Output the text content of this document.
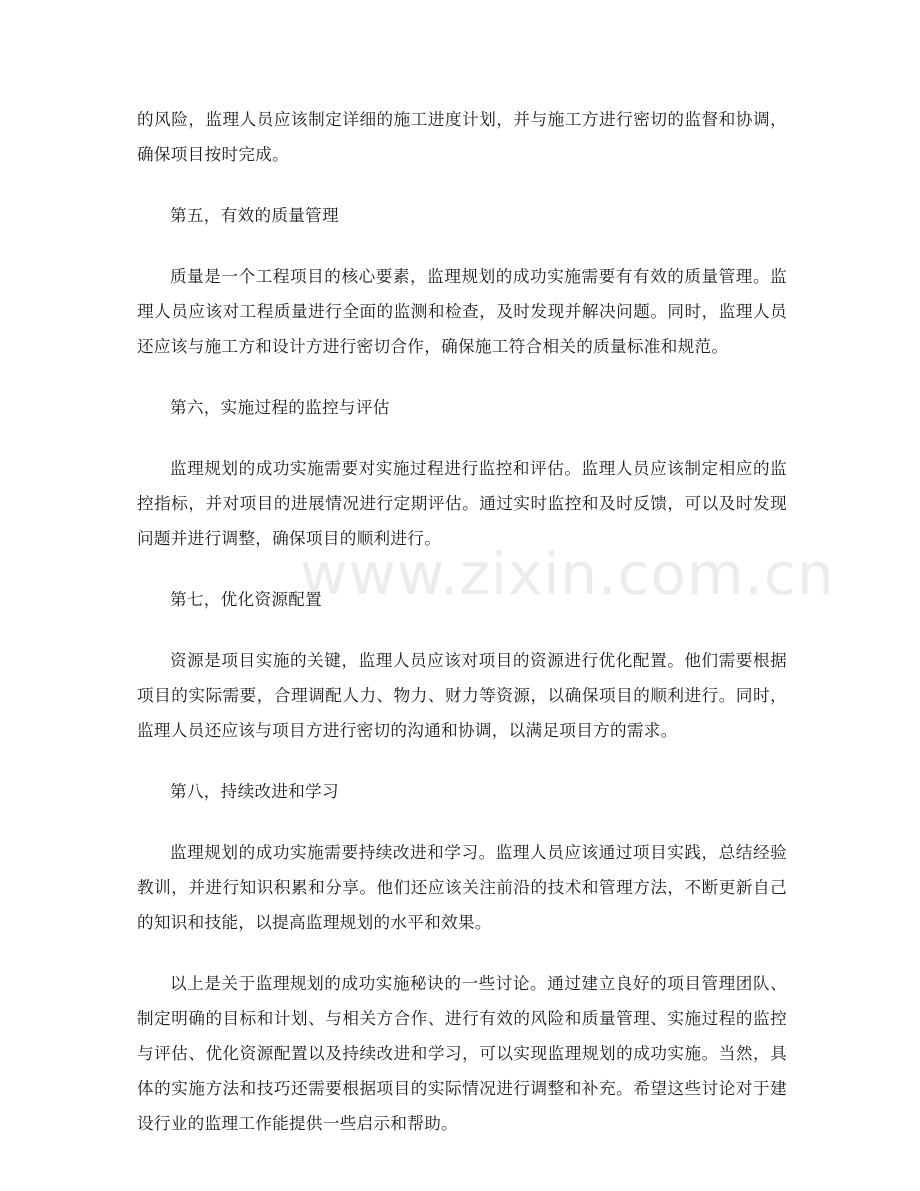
的风险，监理人员应该制定详细的施工进度计划，并与施工方进行密切的监督和协调，确保项目按时完成。

第五，有效的质量管理

质量是一个工程项目的核心要素，监理规划的成功实施需要有有效的质量管理。监理人员应该对工程质量进行全面的监测和检查，及时发现并解决问题。同时，监理人员还应该与施工方和设计方进行密切合作，确保施工符合相关的质量标准和规范。

第六，实施过程的监控与评估

监理规划的成功实施需要对实施过程进行监控和评估。监理人员应该制定相应的监控指标，并对项目的进展情况进行定期评估。通过实时监控和及时反馈，可以及时发现问题并进行调整，确保项目的顺利进行。

第七，优化资源配置

资源是项目实施的关键，监理人员应该对项目的资源进行优化配置。他们需要根据项目的实际需要，合理调配人力、物力、财力等资源，以确保项目的顺利进行。同时，监理人员还应该与项目方进行密切的沟通和协调，以满足项目方的需求。

第八，持续改进和学习

监理规划的成功实施需要持续改进和学习。监理人员应该通过项目实践，总结经验教训，并进行知识积累和分享。他们还应该关注前沿的技术和管理方法，不断更新自己的知识和技能，以提高监理规划的水平和效果。

以上是关于监理规划的成功实施秘诀的一些讨论。通过建立良好的项目管理团队、制定明确的目标和计划、与相关方合作、进行有效的风险和质量管理、实施过程的监控与评估、优化资源配置以及持续改进和学习，可以实现监理规划的成功实施。当然，具体的实施方法和技巧还需要根据项目的实际情况进行调整和补充。希望这些讨论对于建设行业的监理工作能提供一些启示和帮助。

www.zixin.com.cn
